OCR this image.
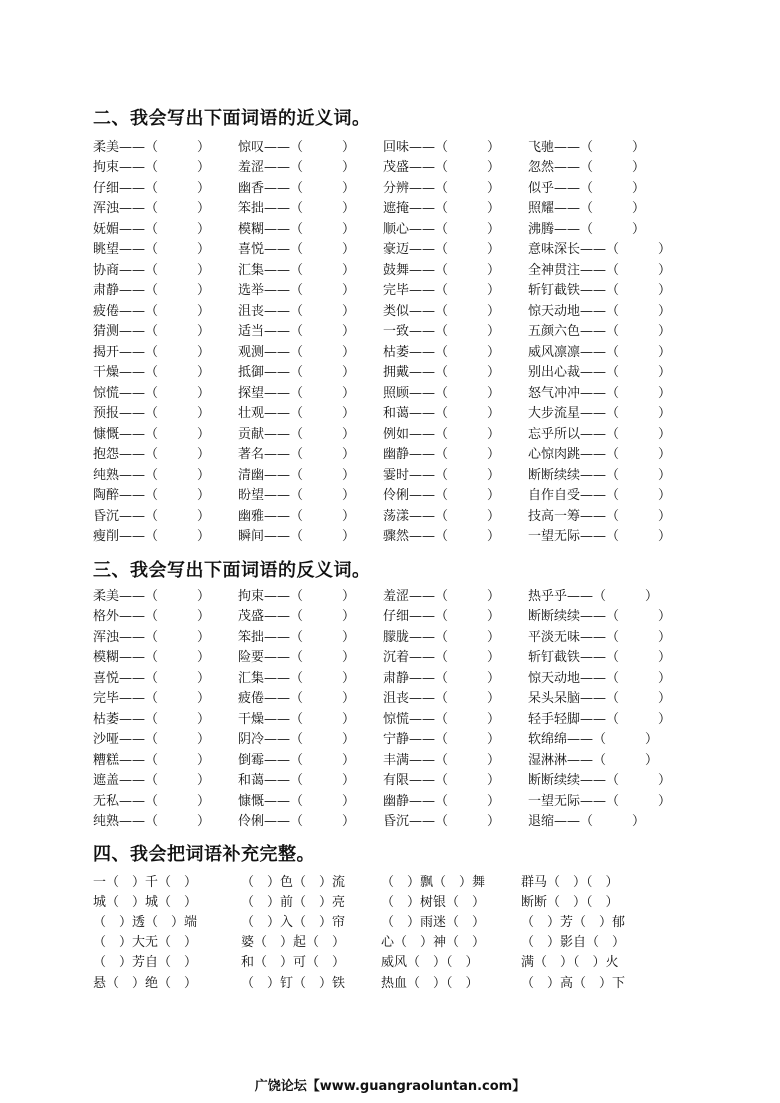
二、我会写出下面词语的近义词。
柔美——（　　　）	惊叹——（　　　）	回味——（　　　）	飞驰——（　　　）
拘束——（　　　）	羞涩——（　　　）	茂盛——（　　　）	忽然——（　　　）
仔细——（　　　）	幽香——（　　　）	分辨——（　　　）	似乎——（　　　）
浑浊——（　　　）	笨拙——（　　　）	遮掩——（　　　）	照耀——（　　　）
妩媚——（　　　）	模糊——（　　　）	顺心——（　　　）	沸腾——（　　　）
眺望——（　　　）	喜悦——（　　　）	豪迈——（　　　）	意味深长——（　　　）
协商——（　　　）	汇集——（　　　）	鼓舞——（　　　）	全神贯注——（　　　）
肃静——（　　　）	选举——（　　　）	完毕——（　　　）	斩钉截铁——（　　　）
疲倦——（　　　）	沮丧——（　　　）	类似——（　　　）	惊天动地——（　　　）
猜测——（　　　）	适当——（　　　）	一致——（　　　）	五颜六色——（　　　）
揭开——（　　　）	观测——（　　　）	枯萎——（　　　）	威风凛凛——（　　　）
干燥——（　　　）	抵御——（　　　）	拥戴——（　　　）	别出心裁——（　　　）
惊慌——（　　　）	探望——（　　　）	照顾——（　　　）	怒气冲冲——（　　　）
预报——（　　　）	壮观——（　　　）	和蔼——（　　　）	大步流星——（　　　）
慷慨——（　　　）	贡献——（　　　）	例如——（　　　）	忘乎所以——（　　　）
抱怨——（　　　）	著名——（　　　）	幽静——（　　　）	心惊肉跳——（　　　）
纯熟——（　　　）	清幽——（　　　）	霎时——（　　　）	断断续续——（　　　）
陶醉——（　　　）	盼望——（　　　）	伶俐——（　　　）	自作自受——（　　　）
昏沉——（　　　）	幽雅——（　　　）	荡漾——（　　　）	技高一筹——（　　　）
瘦削——（　　　）	瞬间——（　　　）	骤然——（　　　）	一望无际——（　　　）
三、我会写出下面词语的反义词。
柔美——（　　　）	拘束——（　　　）	羞涩——（　　　）	热乎乎——（　　　）
格外——（　　　）	茂盛——（　　　）	仔细——（　　　）	断断续续——（　　　）
浑浊——（　　　）	笨拙——（　　　）	朦胧——（　　　）	平淡无味——（　　　）
模糊——（　　　）	险要——（　　　）	沉着——（　　　）	斩钉截铁——（　　　）
喜悦——（　　　）	汇集——（　　　）	肃静——（　　　）	惊天动地——（　　　）
完毕——（　　　）	疲倦——（　　　）	沮丧——（　　　）	呆头呆脑——（　　　）
枯萎——（　　　）	干燥——（　　　）	惊慌——（　　　）	轻手轻脚——（　　　）
沙哑——（　　　）	阴冷——（　　　）	宁静——（　　　）	软绵绵——（　　　）
糟糕——（　　　）	倒霉——（　　　）	丰满——（　　　）	湿淋淋——（　　　）
遮盖——（　　　）	和蔼——（　　　）	有限——（　　　）	断断续续——（　　　）
无私——（　　　）	慷慨——（　　　）	幽静——（　　　）	一望无际——（　　　）
纯熟——（　　　）	伶俐——（　　　）	昏沉——（　　　）	退缩——（　　　）
四、我会把词语补充完整。
一（　）千（　）	（　）色（　）流	（　）飘（　）舞	群马（　）（　）
城（　）城（　）	（　）前（　）亮	（　）树银（　）	断断（　）（　）
（　）透（　）端	（　）入（　）帘	（　）雨迷（　）	（　）芳（　）郁
（　）大无（　）	婆（　）起（　）	心（　）神（　）	（　）影自（　）
（　）芳自（　）	和（　）可（　）	威风（　）（　）	满（　）（　）火
悬（　）绝（　）	（　）钉（　）铁	热血（　）（　）	（　）高（　）下
广饶论坛【www.guangraoluntan.com】
